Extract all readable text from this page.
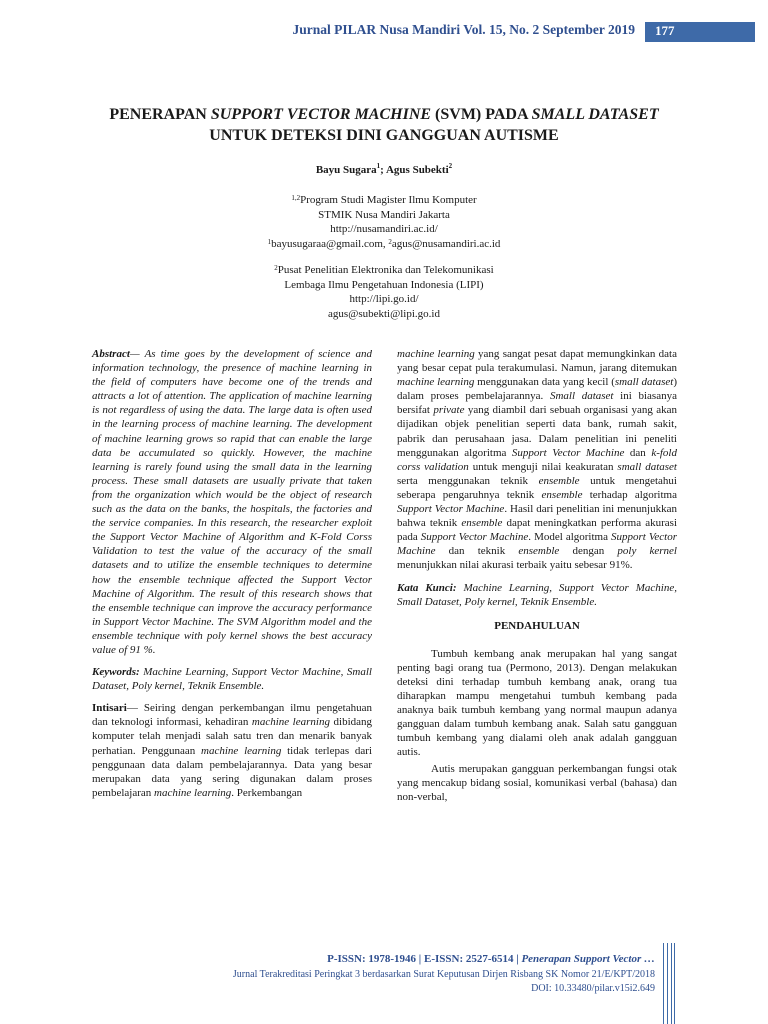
Jurnal PILAR Nusa Mandiri Vol. 15, No. 2 September 2019	177
PENERAPAN SUPPORT VECTOR MACHINE (SVM) PADA SMALL DATASET
UNTUK DETEKSI DINI GANGGUAN AUTISME
Bayu Sugara$^1$; Agus Subekti$^2$
$^{1,2}$Program Studi Magister Ilmu Komputer
STMIK Nusa Mandiri Jakarta
http://nusamandiri.ac.id/
$^1$bayusugaraa@gmail.com, $^2$agus@nusamandiri.ac.id
$^2$Pusat Penelitian Elektronika dan Telekomunikasi
Lembaga Ilmu Pengetahuan Indonesia (LIPI)
http://lipi.go.id/
agus@subekti@lipi.go.id

Abstract— As time goes by the development of science and information technology, the presence of machine learning in the field of computers have become one of the trends and attracts a lot of attention. The application of machine learning is not regardless of using the data. The large data is often used in the learning process of machine learning. The development of machine learning grows so rapid that can enable the large data be accumulated so quickly. However, the machine learning is rarely found using the small data in the learning process. These small datasets are usually private that taken from the organization which would be the object of research such as the data on the banks, the hospitals, the factories and the service companies. In this research, the researcher exploit the Support Vector Machine of Algorithm and K-Fold Corss Validation to test the value of the accuracy of the small datasets and to utilize the ensemble techniques to determine how the ensemble technique affected the Support Vector Machine of Algorithm. The result of this research shows that the ensemble technique can improve the accuracy performance in Support Vector Machine. The SVM Algorithm model and the ensemble technique with poly kernel shows the best accuracy value of 91 %.

Keywords: Machine Learning, Support Vector Machine, Small Dataset, Poly kernel, Teknik Ensemble.

Intisari— Seiring dengan perkembangan ilmu pengetahuan dan teknologi informasi, kehadiran machine learning dibidang komputer telah menjadi salah satu tren dan menarik banyak perhatian. Penggunaan machine learning tidak terlepas dari penggunaan data dalam pembelajarannya. Data yang besar merupakan data yang sering digunakan dalam proses pembelajaran machine learning. Perkembangan

machine learning yang sangat pesat dapat memungkinkan data yang besar cepat pula terakumulasi. Namun, jarang ditemukan machine learning menggunakan data yang kecil (small dataset) dalam proses pembelajarannya. Small dataset ini biasanya bersifat private yang diambil dari sebuah organisasi yang akan dijadikan objek penelitian seperti data bank, rumah sakit, pabrik dan perusahaan jasa. Dalam penelitian ini peneliti menggunakan algoritma Support Vector Machine dan k-fold corss validation untuk menguji nilai keakuratan small dataset serta menggunakan teknik ensemble untuk mengetahui seberapa pengaruhnya teknik ensemble terhadap algoritma Support Vector Machine. Hasil dari penelitian ini menunjukkan bahwa teknik ensemble dapat meningkatkan performa akurasi pada Support Vector Machine. Model algoritma Support Vector Machine dan teknik ensemble dengan poly kernel menunjukkan nilai akurasi terbaik yaitu sebesar 91%.

Kata Kunci: Machine Learning, Support Vector Machine, Small Dataset, Poly kernel, Teknik Ensemble.

PENDAHULUAN

Tumbuh kembang anak merupakan hal yang sangat penting bagi orang tua (Permono, 2013). Dengan melakukan deteksi dini terhadap tumbuh kembang anak, orang tua diharapkan mampu mengetahui tumbuh kembang pada anaknya baik tumbuh kembang yang normal maupun adanya gangguan dalam tumbuh kembang anak. Salah satu gangguan tumbuh kembang yang dialami oleh anak adalah gangguan autis.

Autis merupakan gangguan perkembangan fungsi otak yang mencakup bidang sosial, komunikasi verbal (bahasa) dan non-verbal,

P-ISSN: 1978-1946 | E-ISSN: 2527-6514 | Penerapan Support Vector …
Jurnal Terakreditasi Peringkat 3 berdasarkan Surat Keputusan Dirjen Risbang SK Nomor 21/E/KPT/2018
DOI: 10.33480/pilar.v15i2.649
